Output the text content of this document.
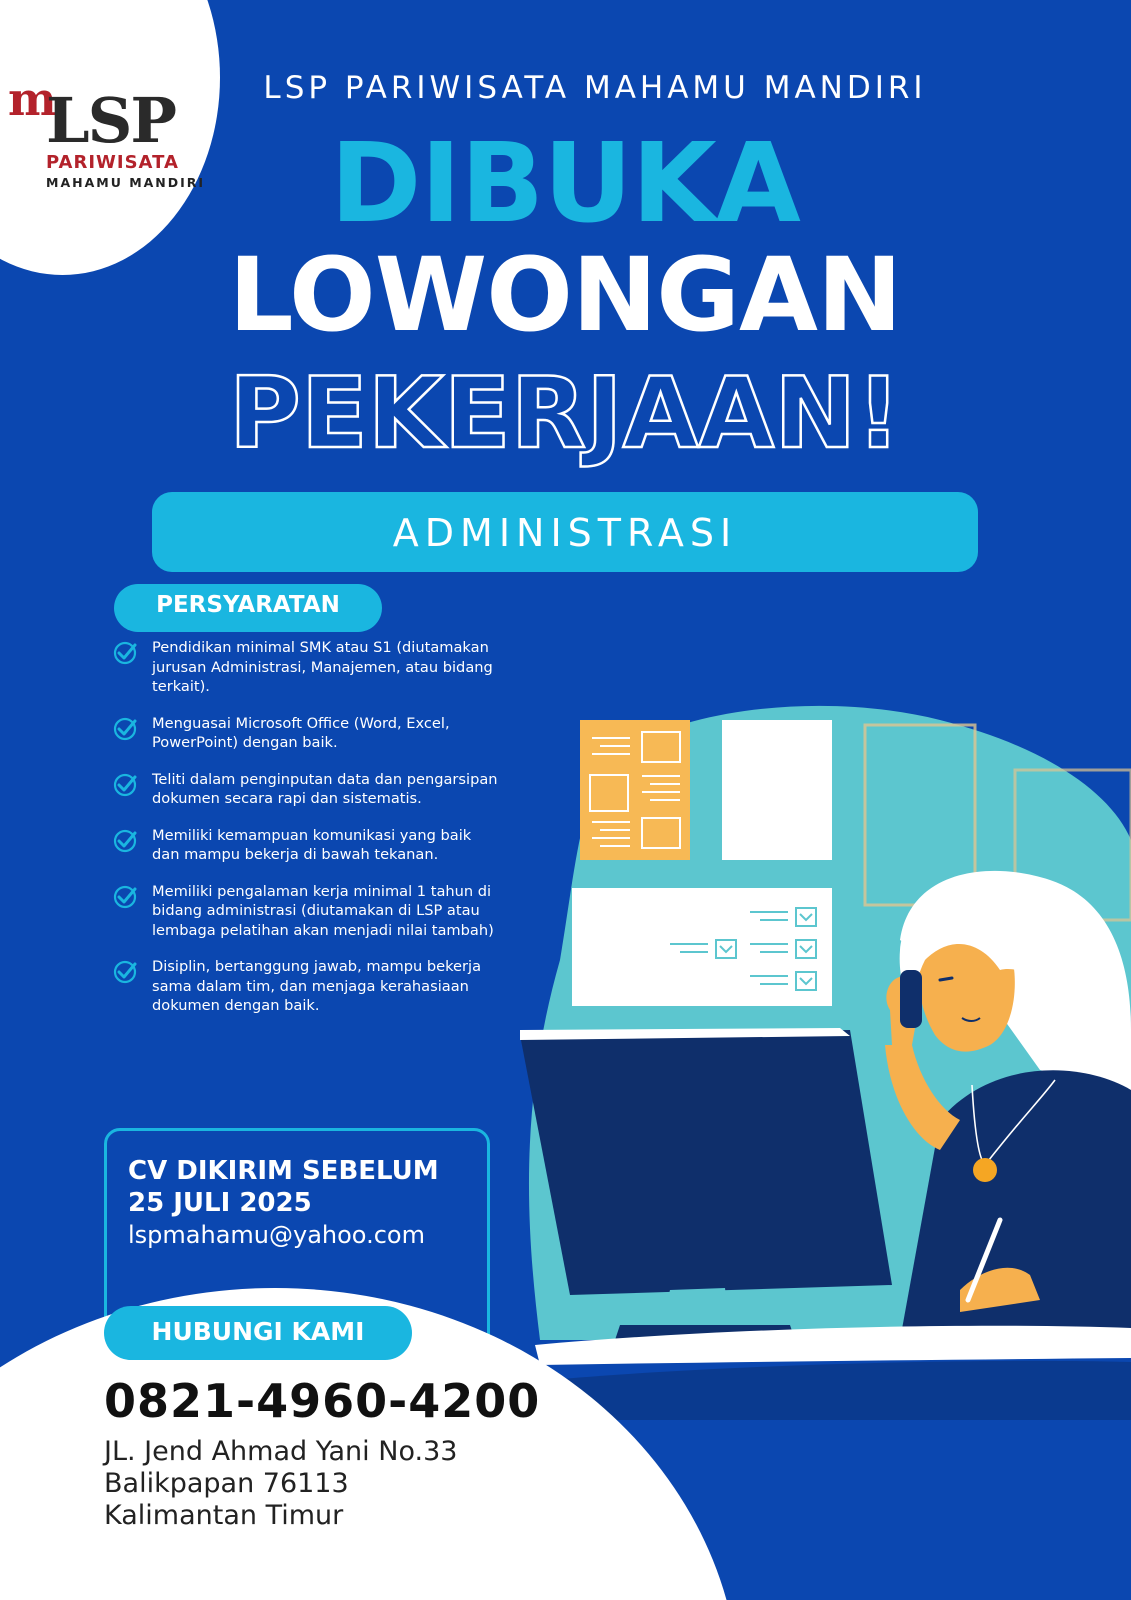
m
LSP
PARIWISATA
MAHAMU MANDIRI
LSP PARIWISATA MAHAMU MANDIRI
DIBUKA
LOWONGAN
PEKERJAAN!
ADMINISTRASI
PERSYARATAN
Pendidikan minimal SMK atau S1 (diutamakan jurusan Administrasi, Manajemen, atau bidang terkait).
Menguasai Microsoft Office (Word, Excel, PowerPoint) dengan baik.
Teliti dalam penginputan data dan pengarsipan dokumen secara rapi dan sistematis.
Memiliki kemampuan komunikasi yang baik dan mampu bekerja di bawah tekanan.
Memiliki pengalaman kerja minimal 1 tahun di bidang administrasi (diutamakan di LSP atau lembaga pelatihan akan menjadi nilai tambah)
Disiplin, bertanggung jawab, mampu bekerja sama dalam tim, dan menjaga kerahasiaan dokumen dengan baik.
CV DIKIRIM SEBELUM
25 JULI 2025
lspmahamu@yahoo.com
HUBUNGI KAMI
0821-4960-4200
JL. Jend Ahmad Yani No.33
Balikpapan 76113
Kalimantan Timur
